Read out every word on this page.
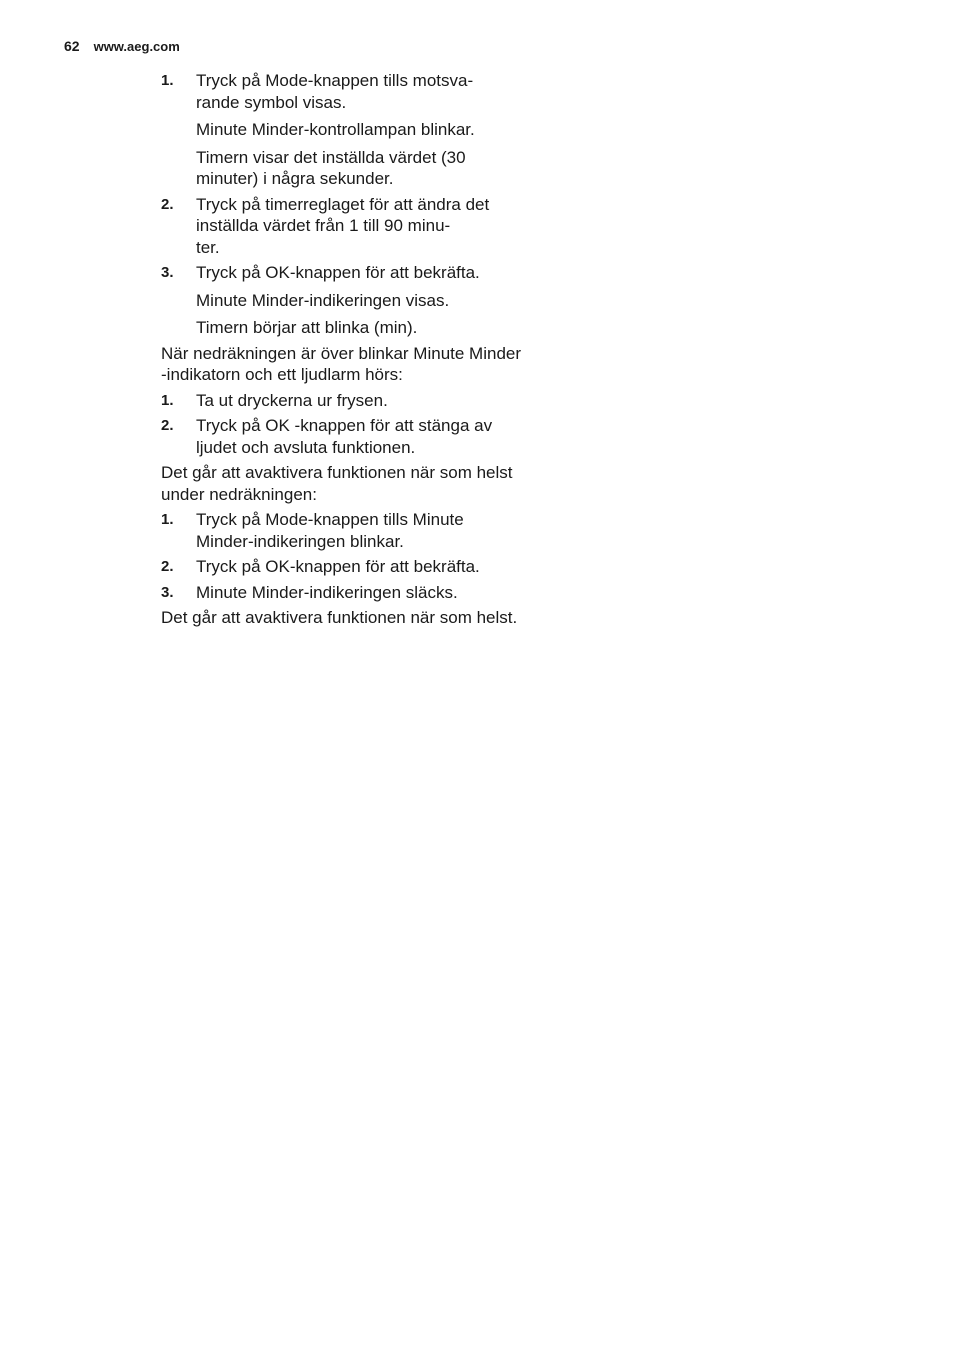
62 www.aeg.com
1.	Tryck på Mode-knappen tills motsva-
rande symbol visas.
Minute Minder-kontrollampan blinkar.
Timern visar det inställda värdet (30 minuter) i några sekunder.
2.	Tryck på timerreglaget för att ändra det inställda värdet från 1 till 90 minu-
ter.
3.	Tryck på OK-knappen för att bekräfta.
Minute Minder-indikeringen visas.
Timern börjar att blinka (min).
När nedräkningen är över blinkar Minute Minder -indikatorn och ett ljudlarm hörs:
1.	Ta ut dryckerna ur frysen.
2.	Tryck på OK -knappen för att stänga av ljudet och avsluta funktionen.
Det går att avaktivera funktionen när som helst under nedräkningen:
1.	Tryck på Mode-knappen tills Minute Minder-indikeringen blinkar.
2.	Tryck på OK-knappen för att bekräfta.
3.	Minute Minder-indikeringen släcks.
Det går att avaktivera funktionen när som helst.
